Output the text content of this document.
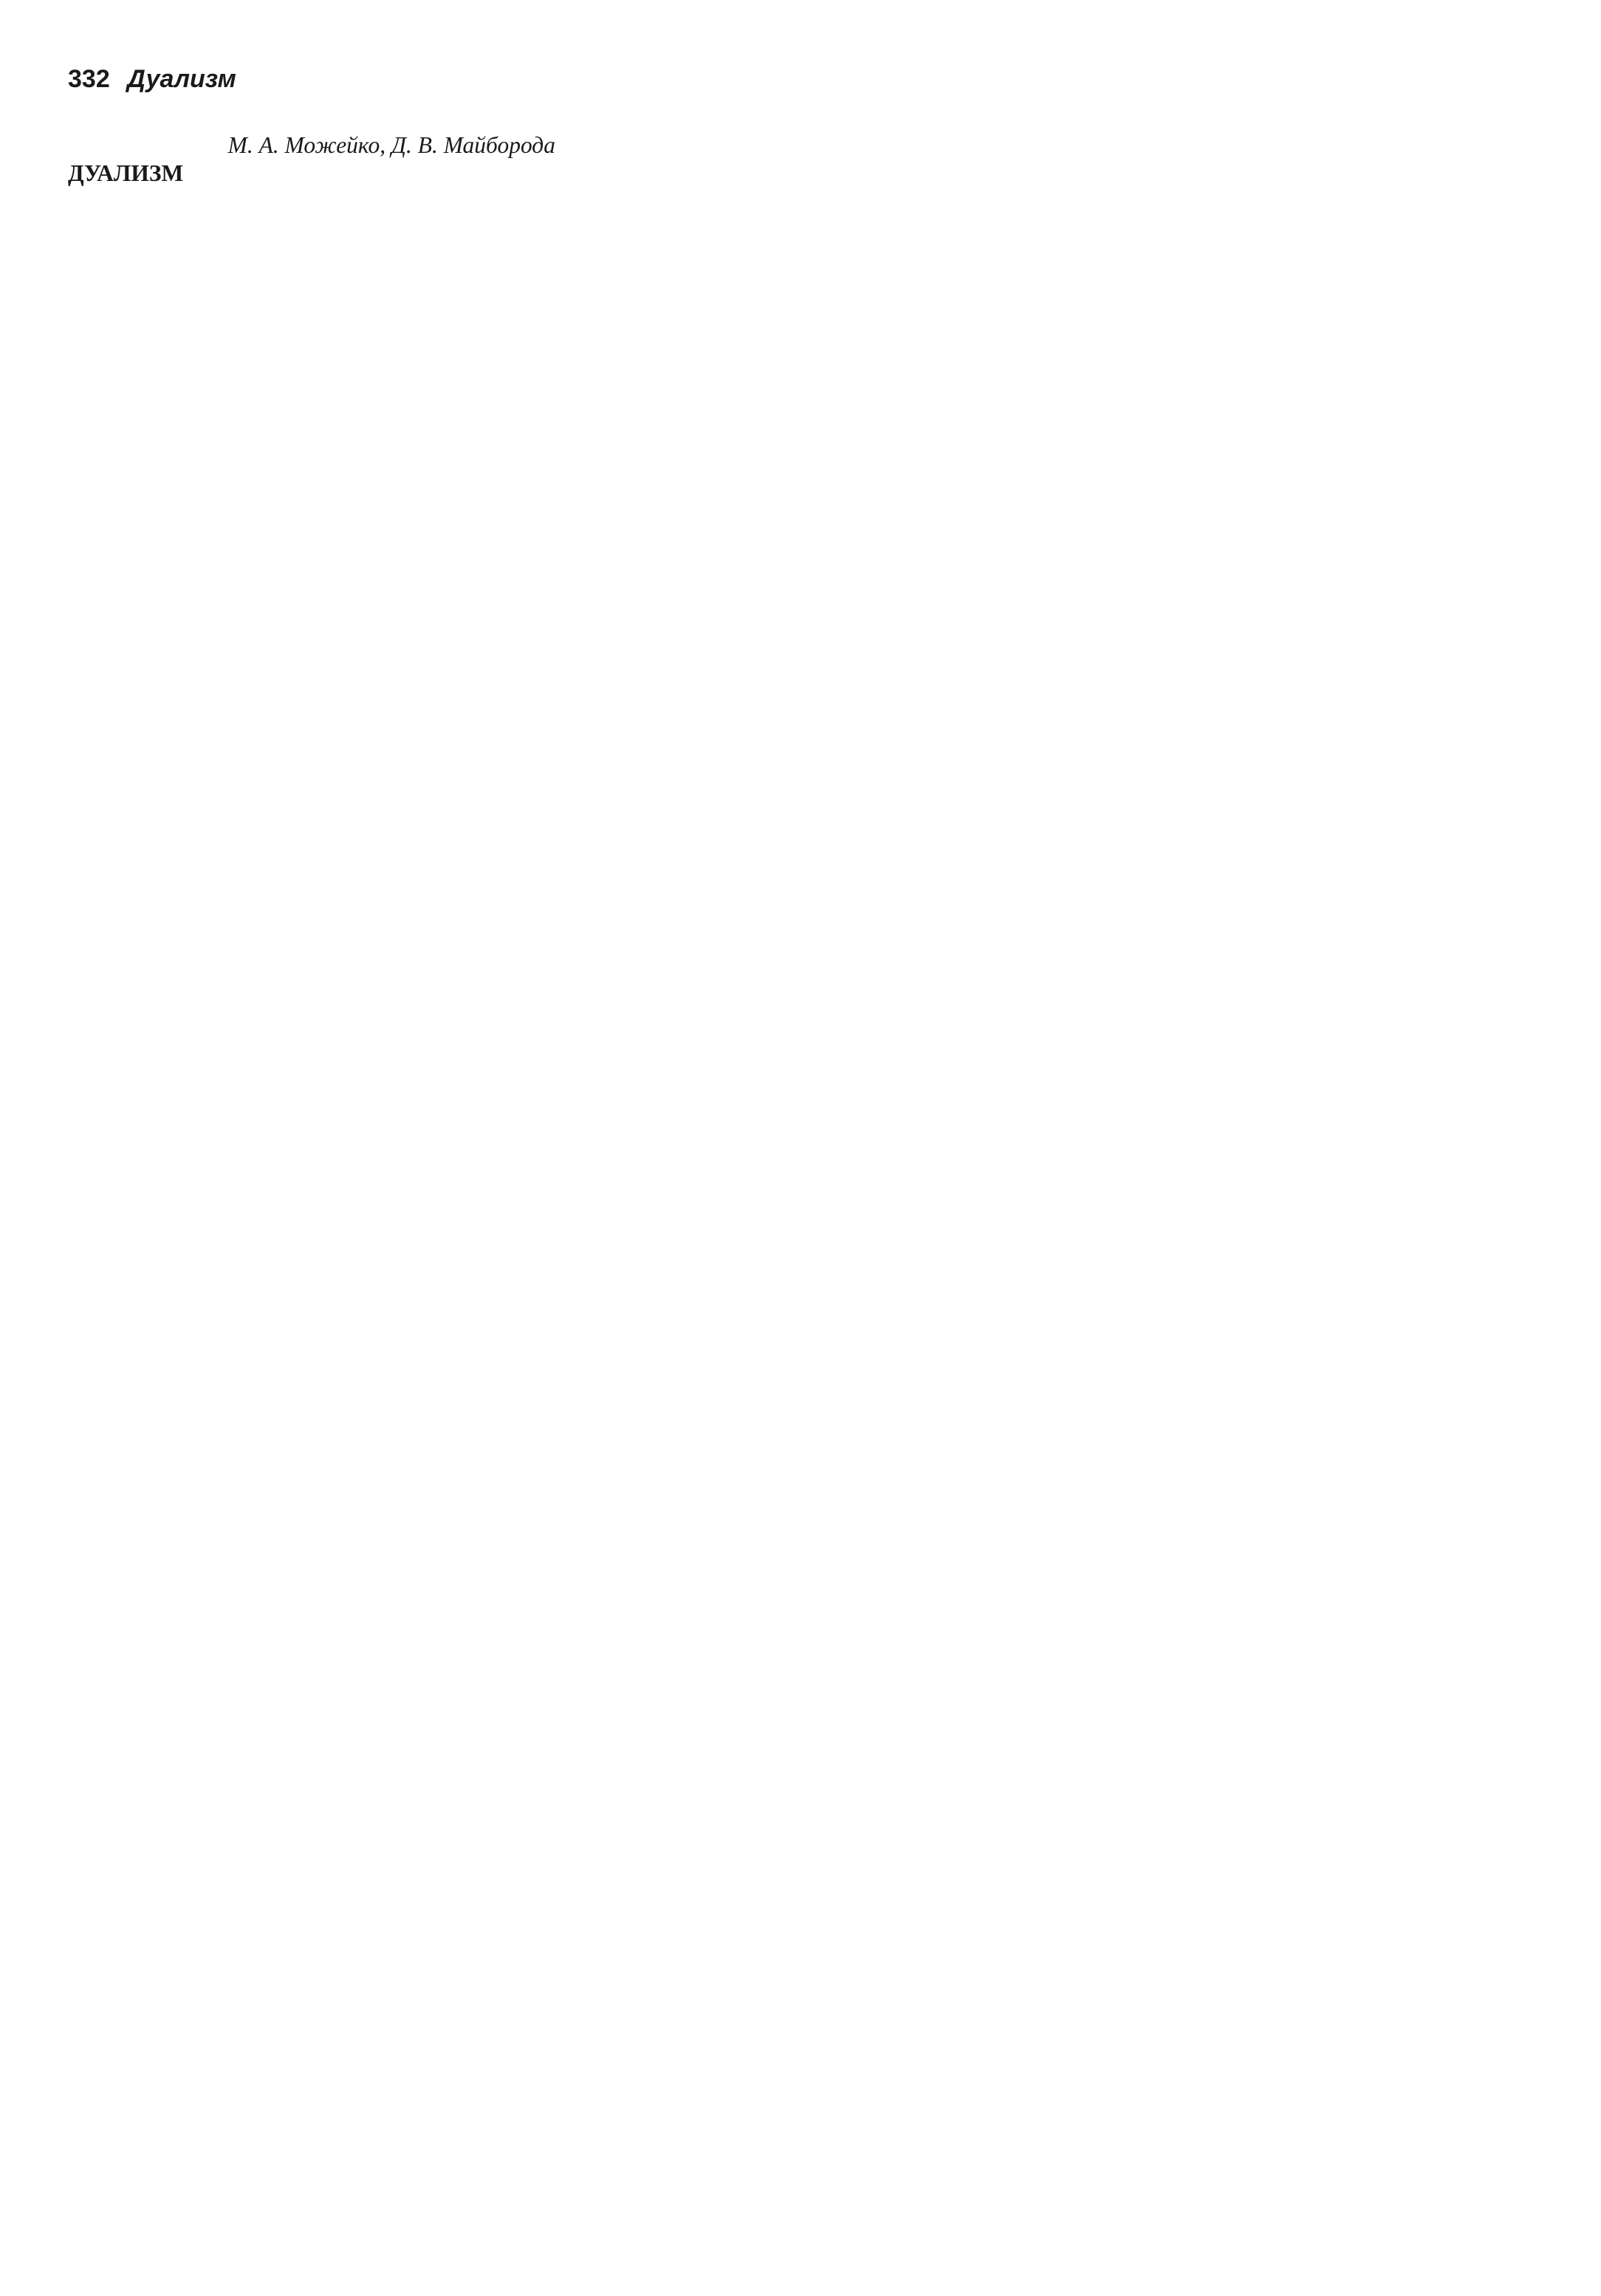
332 Дуализм

М. А. Можейко, Д. В. Майборода

ДУАЛИЗМ
